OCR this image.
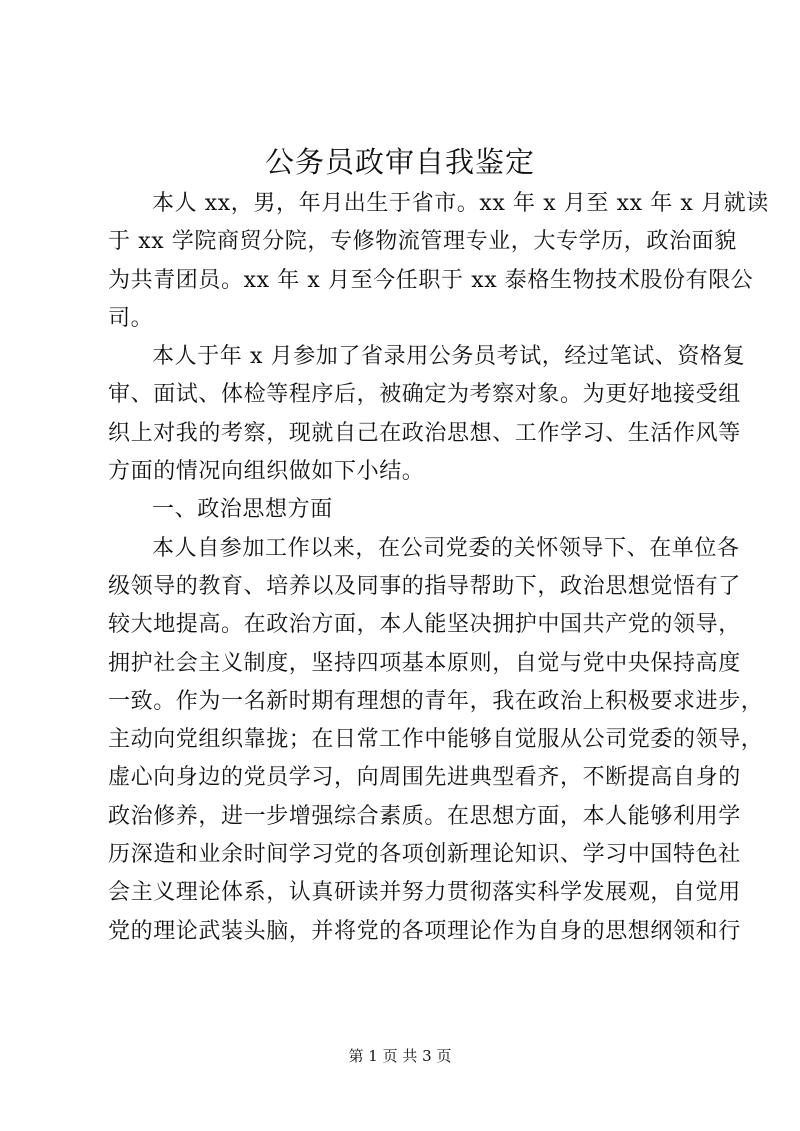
公务员政审自我鉴定
本人 xx，男，年月出生于省市。xx 年 x 月至 xx 年 x 月就读
于 xx 学院商贸分院，专修物流管理专业，大专学历，政治面貌
为共青团员。xx 年 x 月至今任职于 xx 泰格生物技术股份有限公
司。
本人于年 x 月参加了省录用公务员考试，经过笔试、资格复
审、面试、体检等程序后，被确定为考察对象。为更好地接受组
织上对我的考察，现就自己在政治思想、工作学习、生活作风等
方面的情况向组织做如下小结。
一、政治思想方面
本人自参加工作以来，在公司党委的关怀领导下、在单位各
级领导的教育、培养以及同事的指导帮助下，政治思想觉悟有了
较大地提高。在政治方面，本人能坚决拥护中国共产党的领导，
拥护社会主义制度，坚持四项基本原则，自觉与党中央保持高度
一致。作为一名新时期有理想的青年，我在政治上积极要求进步，
主动向党组织靠拢；在日常工作中能够自觉服从公司党委的领导，
虚心向身边的党员学习，向周围先进典型看齐，不断提高自身的
政治修养，进一步增强综合素质。在思想方面，本人能够利用学
历深造和业余时间学习党的各项创新理论知识、学习中国特色社
会主义理论体系，认真研读并努力贯彻落实科学发展观，自觉用
党的理论武装头脑，并将党的各项理论作为自身的思想纲领和行
第 1 页 共 3 页
